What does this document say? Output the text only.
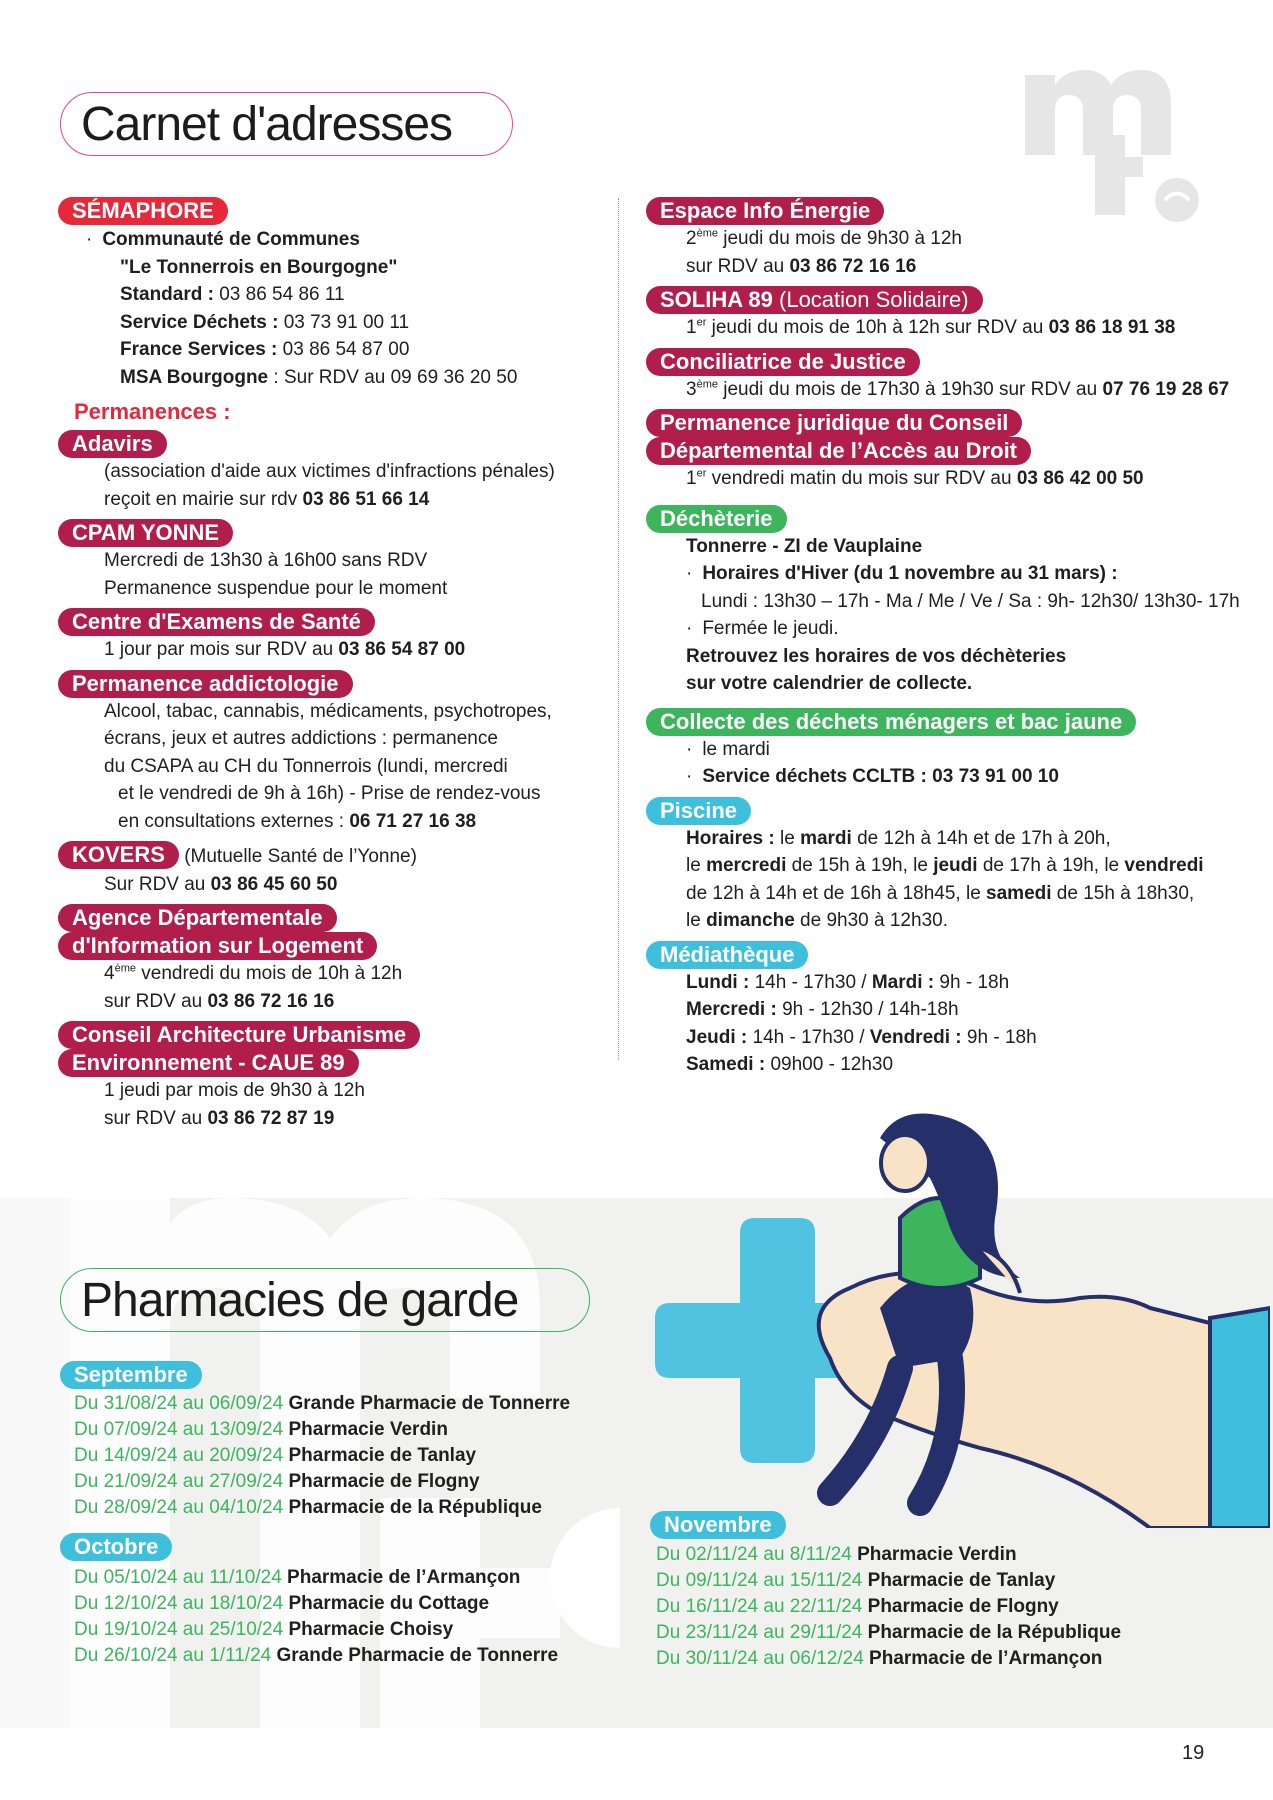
Carnet d'adresses
SÉMAPHORE
· Communauté de Communes
"Le Tonnerrois en Bourgogne"
Standard : 03 86 54 86 11
Service Déchets : 03 73 91 00 11
France Services : 03 86 54 87 00
MSA Bourgogne : Sur RDV au 09 69 36 20 50
Permanences :
Adavirs
(association d'aide aux victimes d'infractions pénales)
reçoit en mairie sur rdv 03 86 51 66 14
CPAM YONNE
Mercredi de 13h30 à 16h00 sans RDV
Permanence suspendue pour le moment
Centre d'Examens de Santé
1 jour par mois sur RDV au 03 86 54 87 00
Permanence addictologie
Alcool, tabac, cannabis, médicaments, psychotropes,
écrans, jeux et autres addictions : permanence
du CSAPA au CH du Tonnerrois (lundi, mercredi
et le vendredi de 9h à 16h) - Prise de rendez-vous
en consultations externes : 06 71 27 16 38
KOVERS (Mutuelle Santé de l’Yonne)
Sur RDV au 03 86 45 60 50
Agence Départementale
d'Information sur Logement
4ème vendredi du mois de 10h à 12h
sur RDV au 03 86 72 16 16
Conseil Architecture Urbanisme
Environnement - CAUE 89
1 jeudi par mois de 9h30 à 12h
sur RDV au 03 86 72 87 19
Espace Info Énergie
2ème jeudi du mois de 9h30 à 12h
sur RDV au 03 86 72 16 16
SOLIHA 89 (Location Solidaire)
1er jeudi du mois de 10h à 12h sur RDV au 03 86 18 91 38
Conciliatrice de Justice
3ème jeudi du mois de 17h30 à 19h30 sur RDV au 07 76 19 28 67
Permanence juridique du Conseil
Départemental de l’Accès au Droit
1er vendredi matin du mois sur RDV au 03 86 42 00 50
Déchèterie
Tonnerre - ZI de Vauplaine
· Horaires d'Hiver (du 1 novembre au 31 mars) :
Lundi : 13h30 – 17h - Ma / Me / Ve / Sa : 9h- 12h30/ 13h30- 17h
· Fermée le jeudi.
Retrouvez les horaires de vos déchèteries
sur votre calendrier de collecte.
Collecte des déchets ménagers et bac jaune
· le mardi
· Service déchets CCLTB : 03 73 91 00 10
Piscine
Horaires : le mardi de 12h à 14h et de 17h à 20h,
le mercredi de 15h à 19h, le jeudi de 17h à 19h, le vendredi
de 12h à 14h et de 16h à 18h45, le samedi de 15h à 18h30,
le dimanche de 9h30 à 12h30.
Médiathèque
Lundi : 14h - 17h30 / Mardi : 9h - 18h
Mercredi : 9h - 12h30 / 14h-18h
Jeudi : 14h - 17h30 / Vendredi : 9h - 18h
Samedi : 09h00 - 12h30
Pharmacies de garde
Septembre
Du 31/08/24 au 06/09/24 Grande Pharmacie de Tonnerre
Du 07/09/24 au 13/09/24 Pharmacie Verdin
Du 14/09/24 au 20/09/24 Pharmacie de Tanlay
Du 21/09/24 au 27/09/24 Pharmacie de Flogny
Du 28/09/24 au 04/10/24 Pharmacie de la République
Octobre
Du 05/10/24 au 11/10/24 Pharmacie de l’Armançon
Du 12/10/24 au 18/10/24 Pharmacie du Cottage
Du 19/10/24 au 25/10/24 Pharmacie Choisy
Du 26/10/24 au 1/11/24 Grande Pharmacie de Tonnerre
Novembre
Du 02/11/24 au 8/11/24 Pharmacie Verdin
Du 09/11/24 au 15/11/24 Pharmacie de Tanlay
Du 16/11/24 au 22/11/24 Pharmacie de Flogny
Du 23/11/24 au 29/11/24 Pharmacie de la République
Du 30/11/24 au 06/12/24 Pharmacie de l’Armançon
19
